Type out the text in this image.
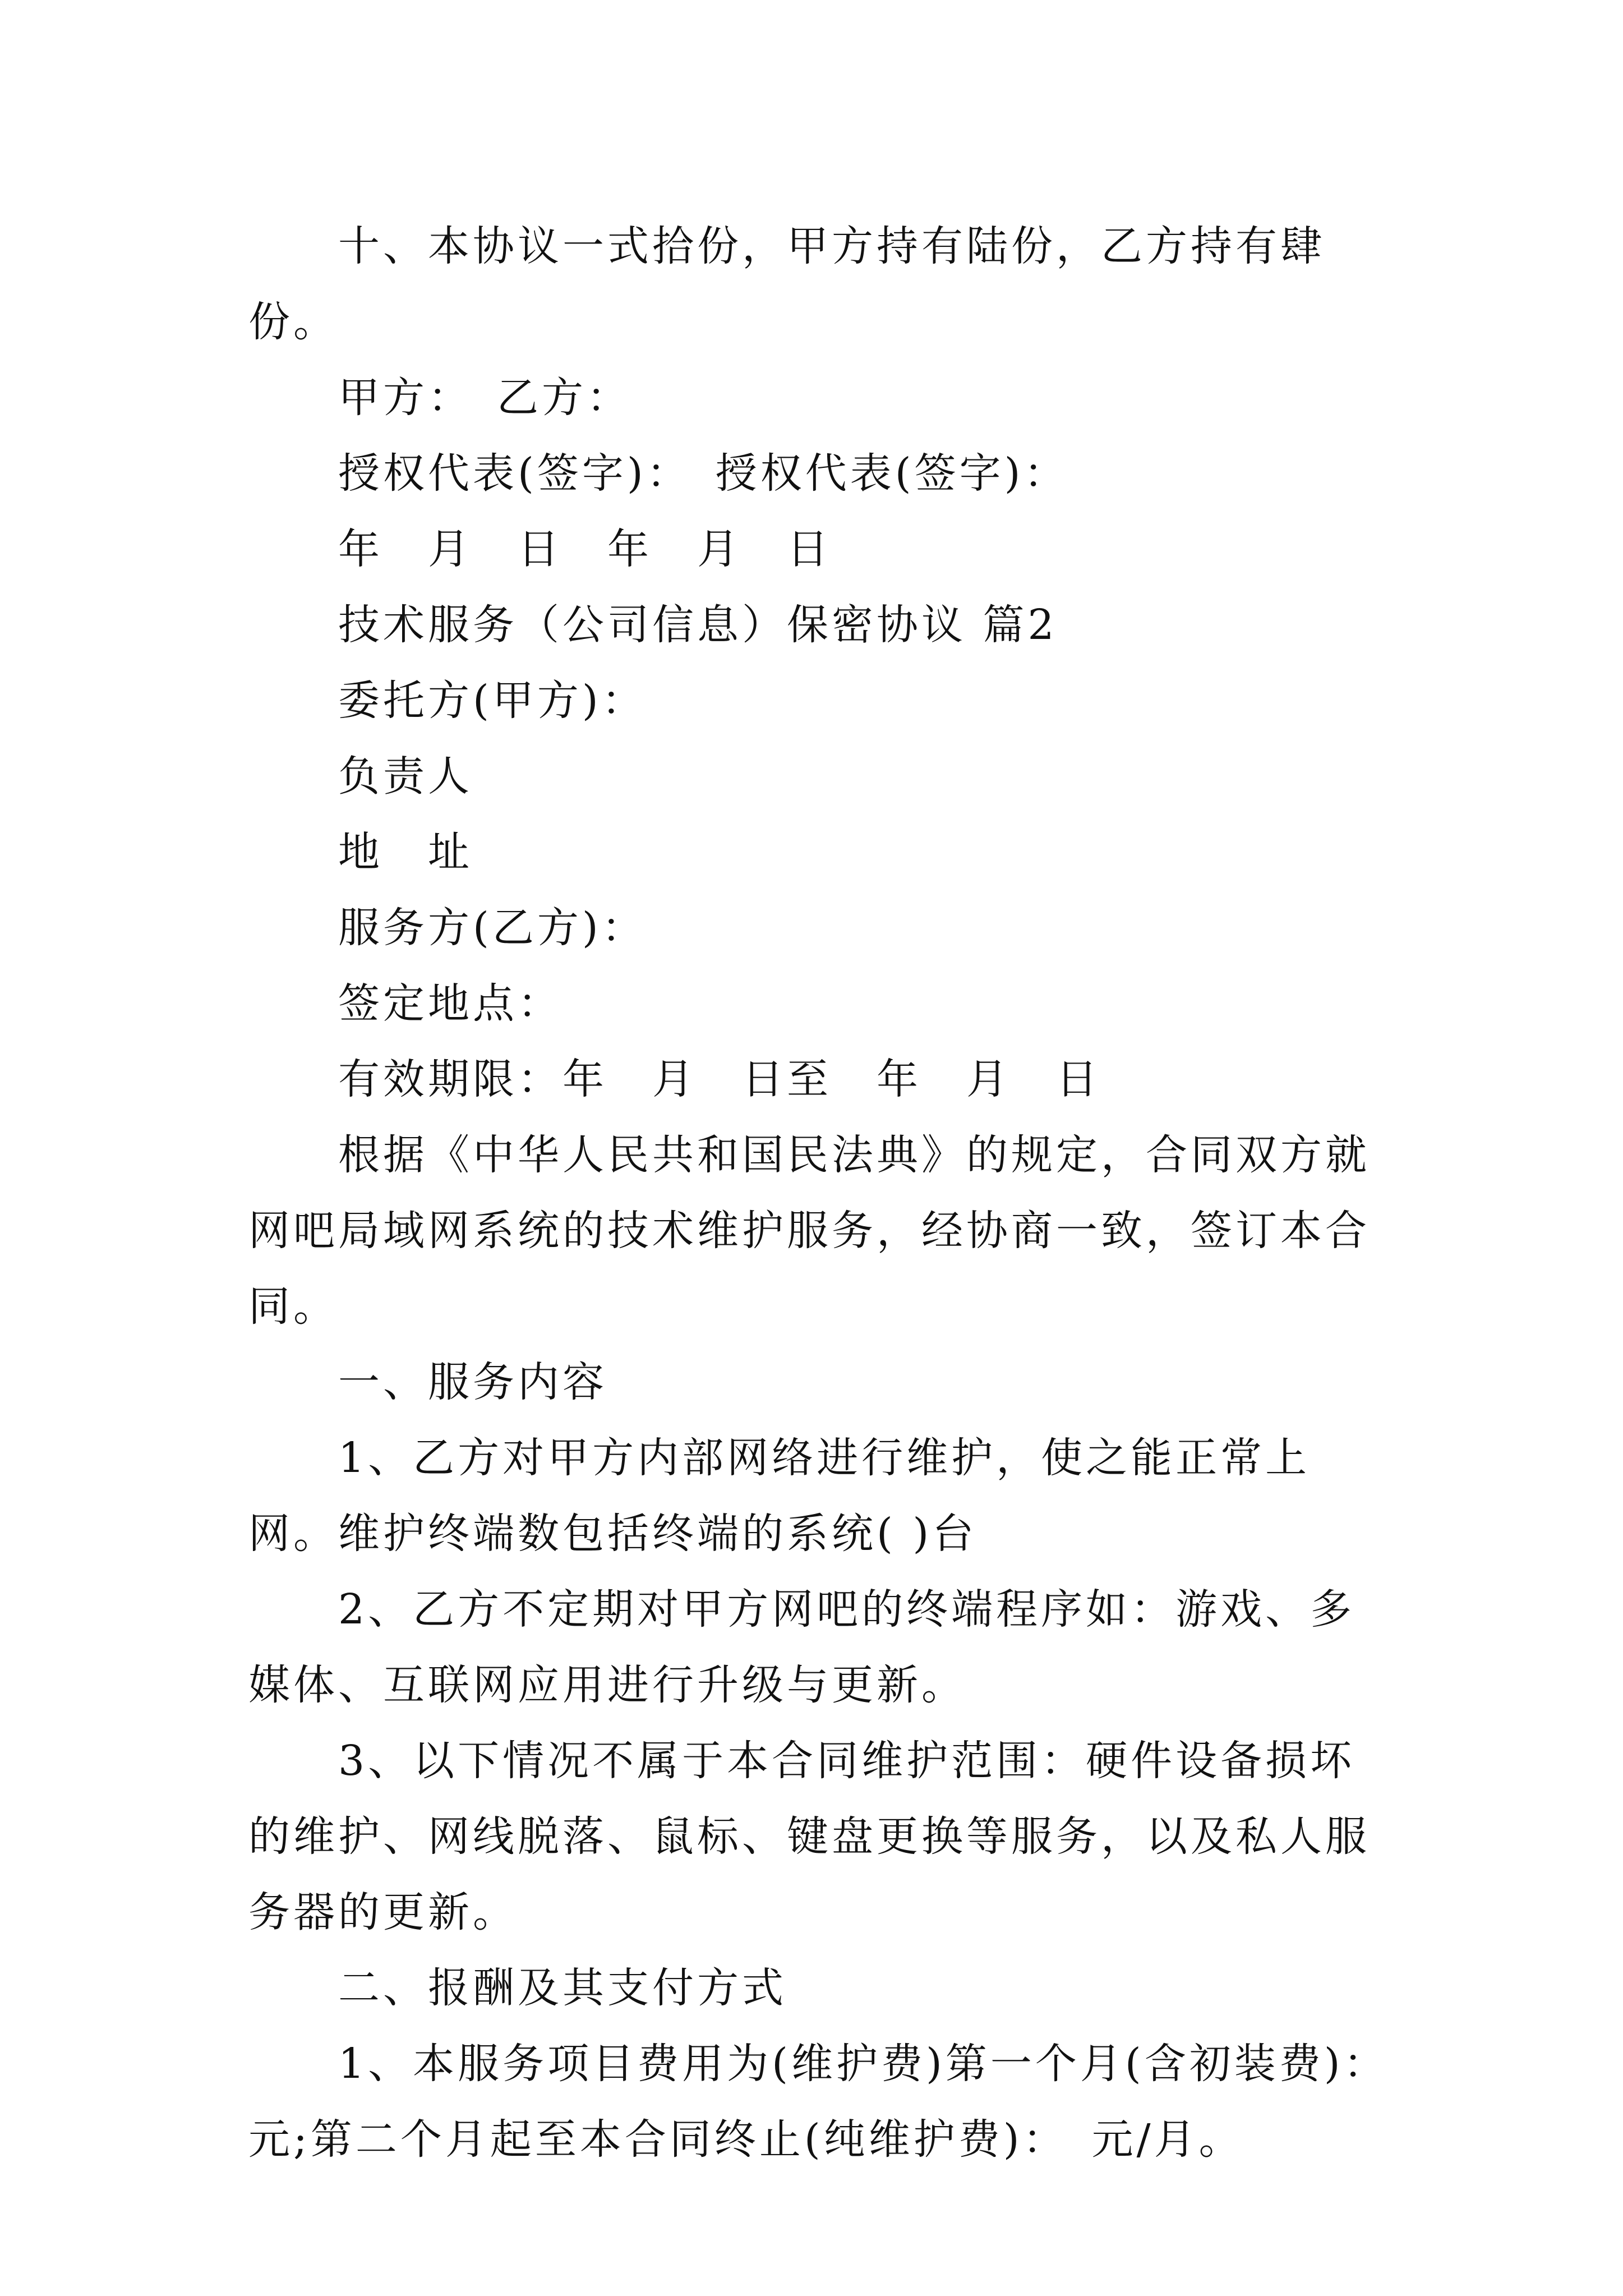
十、本协议一式拾份，甲方持有陆份，乙方持有肆份。

甲方：　乙方：

授权代表(签字)：　授权代表(签字)：

年　月　日　年　月　日

技术服务（公司信息）保密协议 篇2

委托方(甲方)：

负责人

地　址

服务方(乙方)：

签定地点：

有效期限：年　月　日至　年　月　日

根据《中华人民共和国民法典》的规定，合同双方就网吧局域网系统的技术维护服务，经协商一致，签订本合同。

一、服务内容

1、乙方对甲方内部网络进行维护，使之能正常上网。维护终端数包括终端的系统( )台

2、乙方不定期对甲方网吧的终端程序如：游戏、多媒体、互联网应用进行升级与更新。

3、以下情况不属于本合同维护范围：硬件设备损坏的维护、网线脱落、鼠标、键盘更换等服务，以及私人服务器的更新。

二、报酬及其支付方式

1、本服务项目费用为(维护费)第一个月(含初装费)：元;第二个月起至本合同终止(纯维护费)：　元/月。
